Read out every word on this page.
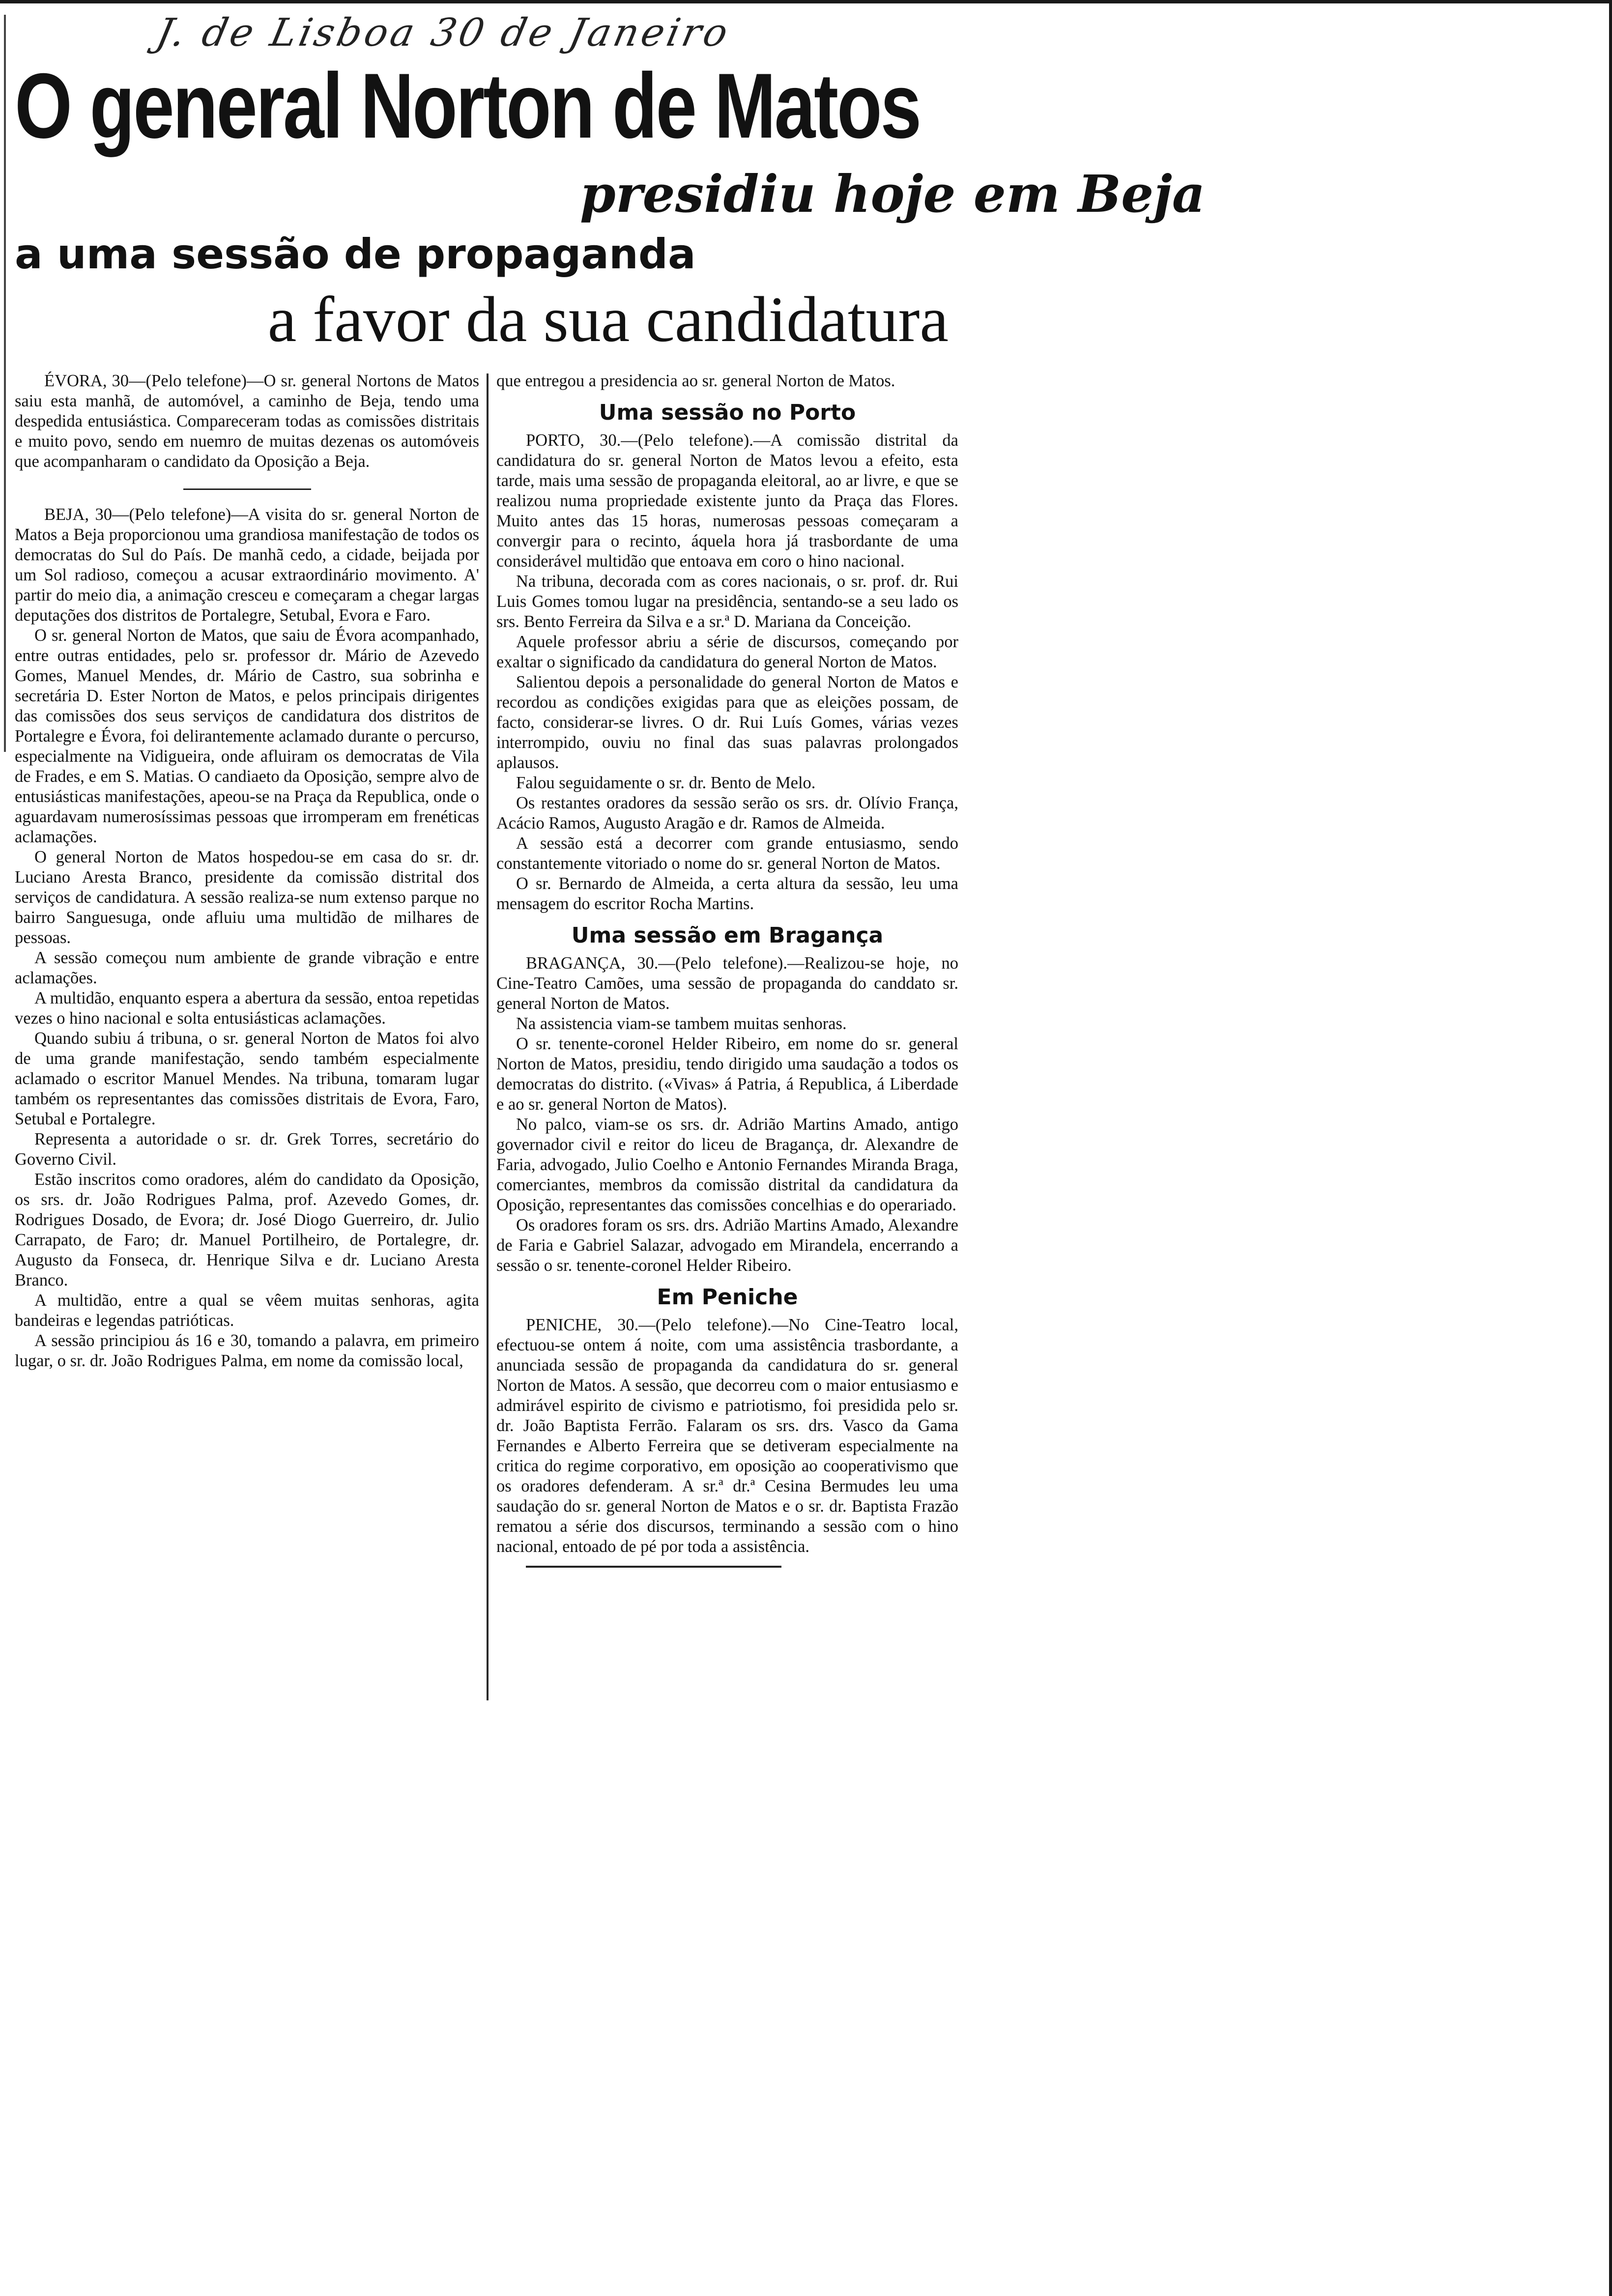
J. de Lisboa 30 de Janeiro
O general Norton de Matos
presidiu hoje em Beja
a uma sessão de propaganda
a favor da sua candidatura

ÉVORA, 30—(Pelo telefone)—O sr. general Nortons de Matos saiu esta manhã, de automóvel, a caminho de Beja, tendo uma despedida entusiástica. Compareceram todas as comissões distritais e muito povo, sendo em nuemro de muitas dezenas os automóveis que acompanharam o candidato da Oposição a Beja.

BEJA, 30—(Pelo telefone)—A visita do sr. general Norton de Matos a Beja proporcionou uma grandiosa manifestação de todos os democratas do Sul do País. De manhã cedo, a cidade, beijada por um Sol radioso, começou a acusar extraordinário movimento. A' partir do meio dia, a animação cresceu e começaram a chegar largas deputações dos distritos de Portalegre, Setubal, Evora e Faro.

O sr. general Norton de Matos, que saiu de Évora acompanhado, entre outras entidades, pelo sr. professor dr. Mário de Azevedo Gomes, Manuel Mendes, dr. Mário de Castro, sua sobrinha e secretária D. Ester Norton de Matos, e pelos principais dirigentes das comissões dos seus serviços de candidatura dos distritos de Portalegre e Évora, foi delirantemente aclamado durante o percurso, especialmente na Vidigueira, onde afluiram os democratas de Vila de Frades, e em S. Matias. O candiaeto da Oposição, sempre alvo de entusiásticas manifestações, apeou-se na Praça da Republica, onde o aguardavam numerosíssimas pessoas que irromperam em frenéticas aclamações.

O general Norton de Matos hospedou-se em casa do sr. dr. Luciano Aresta Branco, presidente da comissão distrital dos serviços de candidatura. A sessão realiza-se num extenso parque no bairro Sanguesuga, onde afluiu uma multidão de milhares de pessoas.

A sessão começou num ambiente de grande vibração e entre aclamações.

A multidão, enquanto espera a abertura da sessão, entoa repetidas vezes o hino nacional e solta entusiásticas aclamações.

Quando subiu á tribuna, o sr. general Norton de Matos foi alvo de uma grande manifestação, sendo também especialmente aclamado o escritor Manuel Mendes. Na tribuna, tomaram lugar também os representantes das comissões distritais de Evora, Faro, Setubal e Portalegre.

Representa a autoridade o sr. dr. Grek Torres, secretário do Governo Civil.

Estão inscritos como oradores, além do candidato da Oposição, os srs. dr. João Rodrigues Palma, prof. Azevedo Gomes, dr. Rodrigues Dosado, de Evora; dr. José Diogo Guerreiro, dr. Julio Carrapato, de Faro; dr. Manuel Portilheiro, de Portalegre, dr. Augusto da Fonseca, dr. Henrique Silva e dr. Luciano Aresta Branco.

A multidão, entre a qual se vêem muitas senhoras, agita bandeiras e legendas patrióticas.

A sessão principiou ás 16 e 30, tomando a palavra, em primeiro lugar, o sr. dr. João Rodrigues Palma, em nome da comissão local,

que entregou a presidencia ao sr. general Norton de Matos.

Uma sessão no Porto

PORTO, 30.—(Pelo telefone).—A comissão distrital da candidatura do sr. general Norton de Matos levou a efeito, esta tarde, mais uma sessão de propaganda eleitoral, ao ar livre, e que se realizou numa propriedade existente junto da Praça das Flores. Muito antes das 15 horas, numerosas pessoas começaram a convergir para o recinto, áquela hora já trasbordante de uma considerável multidão que entoava em coro o hino nacional.

Na tribuna, decorada com as cores nacionais, o sr. prof. dr. Rui Luis Gomes tomou lugar na presidência, sentando-se a seu lado os srs. Bento Ferreira da Silva e a sr.ª D. Mariana da Conceição.

Aquele professor abriu a série de discursos, começando por exaltar o significado da candidatura do general Norton de Matos.

Salientou depois a personalidade do general Norton de Matos e recordou as condições exigidas para que as eleições possam, de facto, considerar-se livres. O dr. Rui Luís Gomes, várias vezes interrompido, ouviu no final das suas palavras prolongados aplausos.

Falou seguidamente o sr. dr. Bento de Melo.

Os restantes oradores da sessão serão os srs. dr. Olívio França, Acácio Ramos, Augusto Aragão e dr. Ramos de Almeida.

A sessão está a decorrer com grande entusiasmo, sendo constantemente vitoriado o nome do sr. general Norton de Matos.

O sr. Bernardo de Almeida, a certa altura da sessão, leu uma mensagem do escritor Rocha Martins.

Uma sessão em Bragança

BRAGANÇA, 30.—(Pelo telefone).—Realizou-se hoje, no Cine-Teatro Camões, uma sessão de propaganda do canddato sr. general Norton de Matos.

Na assistencia viam-se tambem muitas senhoras.

O sr. tenente-coronel Helder Ribeiro, em nome do sr. general Norton de Matos, presidiu, tendo dirigido uma saudação a todos os democratas do distrito. («Vivas» á Patria, á Republica, á Liberdade e ao sr. general Norton de Matos).

No palco, viam-se os srs. dr. Adrião Martins Amado, antigo governador civil e reitor do liceu de Bragança, dr. Alexandre de Faria, advogado, Julio Coelho e Antonio Fernandes Miranda Braga, comerciantes, membros da comissão distrital da candidatura da Oposição, representantes das comissões concelhias e do operariado.

Os oradores foram os srs. drs. Adrião Martins Amado, Alexandre de Faria e Gabriel Salazar, advogado em Mirandela, encerrando a sessão o sr. tenente-coronel Helder Ribeiro.

Em Peniche

PENICHE, 30.—(Pelo telefone).—No Cine-Teatro local, efectuou-se ontem á noite, com uma assistência trasbordante, a anunciada sessão de propaganda da candidatura do sr. general Norton de Matos. A sessão, que decorreu com o maior entusiasmo e admirável espirito de civismo e patriotismo, foi presidida pelo sr. dr. João Baptista Ferrão. Falaram os srs. drs. Vasco da Gama Fernandes e Alberto Ferreira que se detiveram especialmente na critica do regime corporativo, em oposição ao cooperativismo que os oradores defenderam. A sr.ª dr.ª Cesina Bermudes leu uma saudação do sr. general Norton de Matos e o sr. dr. Baptista Frazão rematou a série dos discursos, terminando a sessão com o hino nacional, entoado de pé por toda a assistência.
